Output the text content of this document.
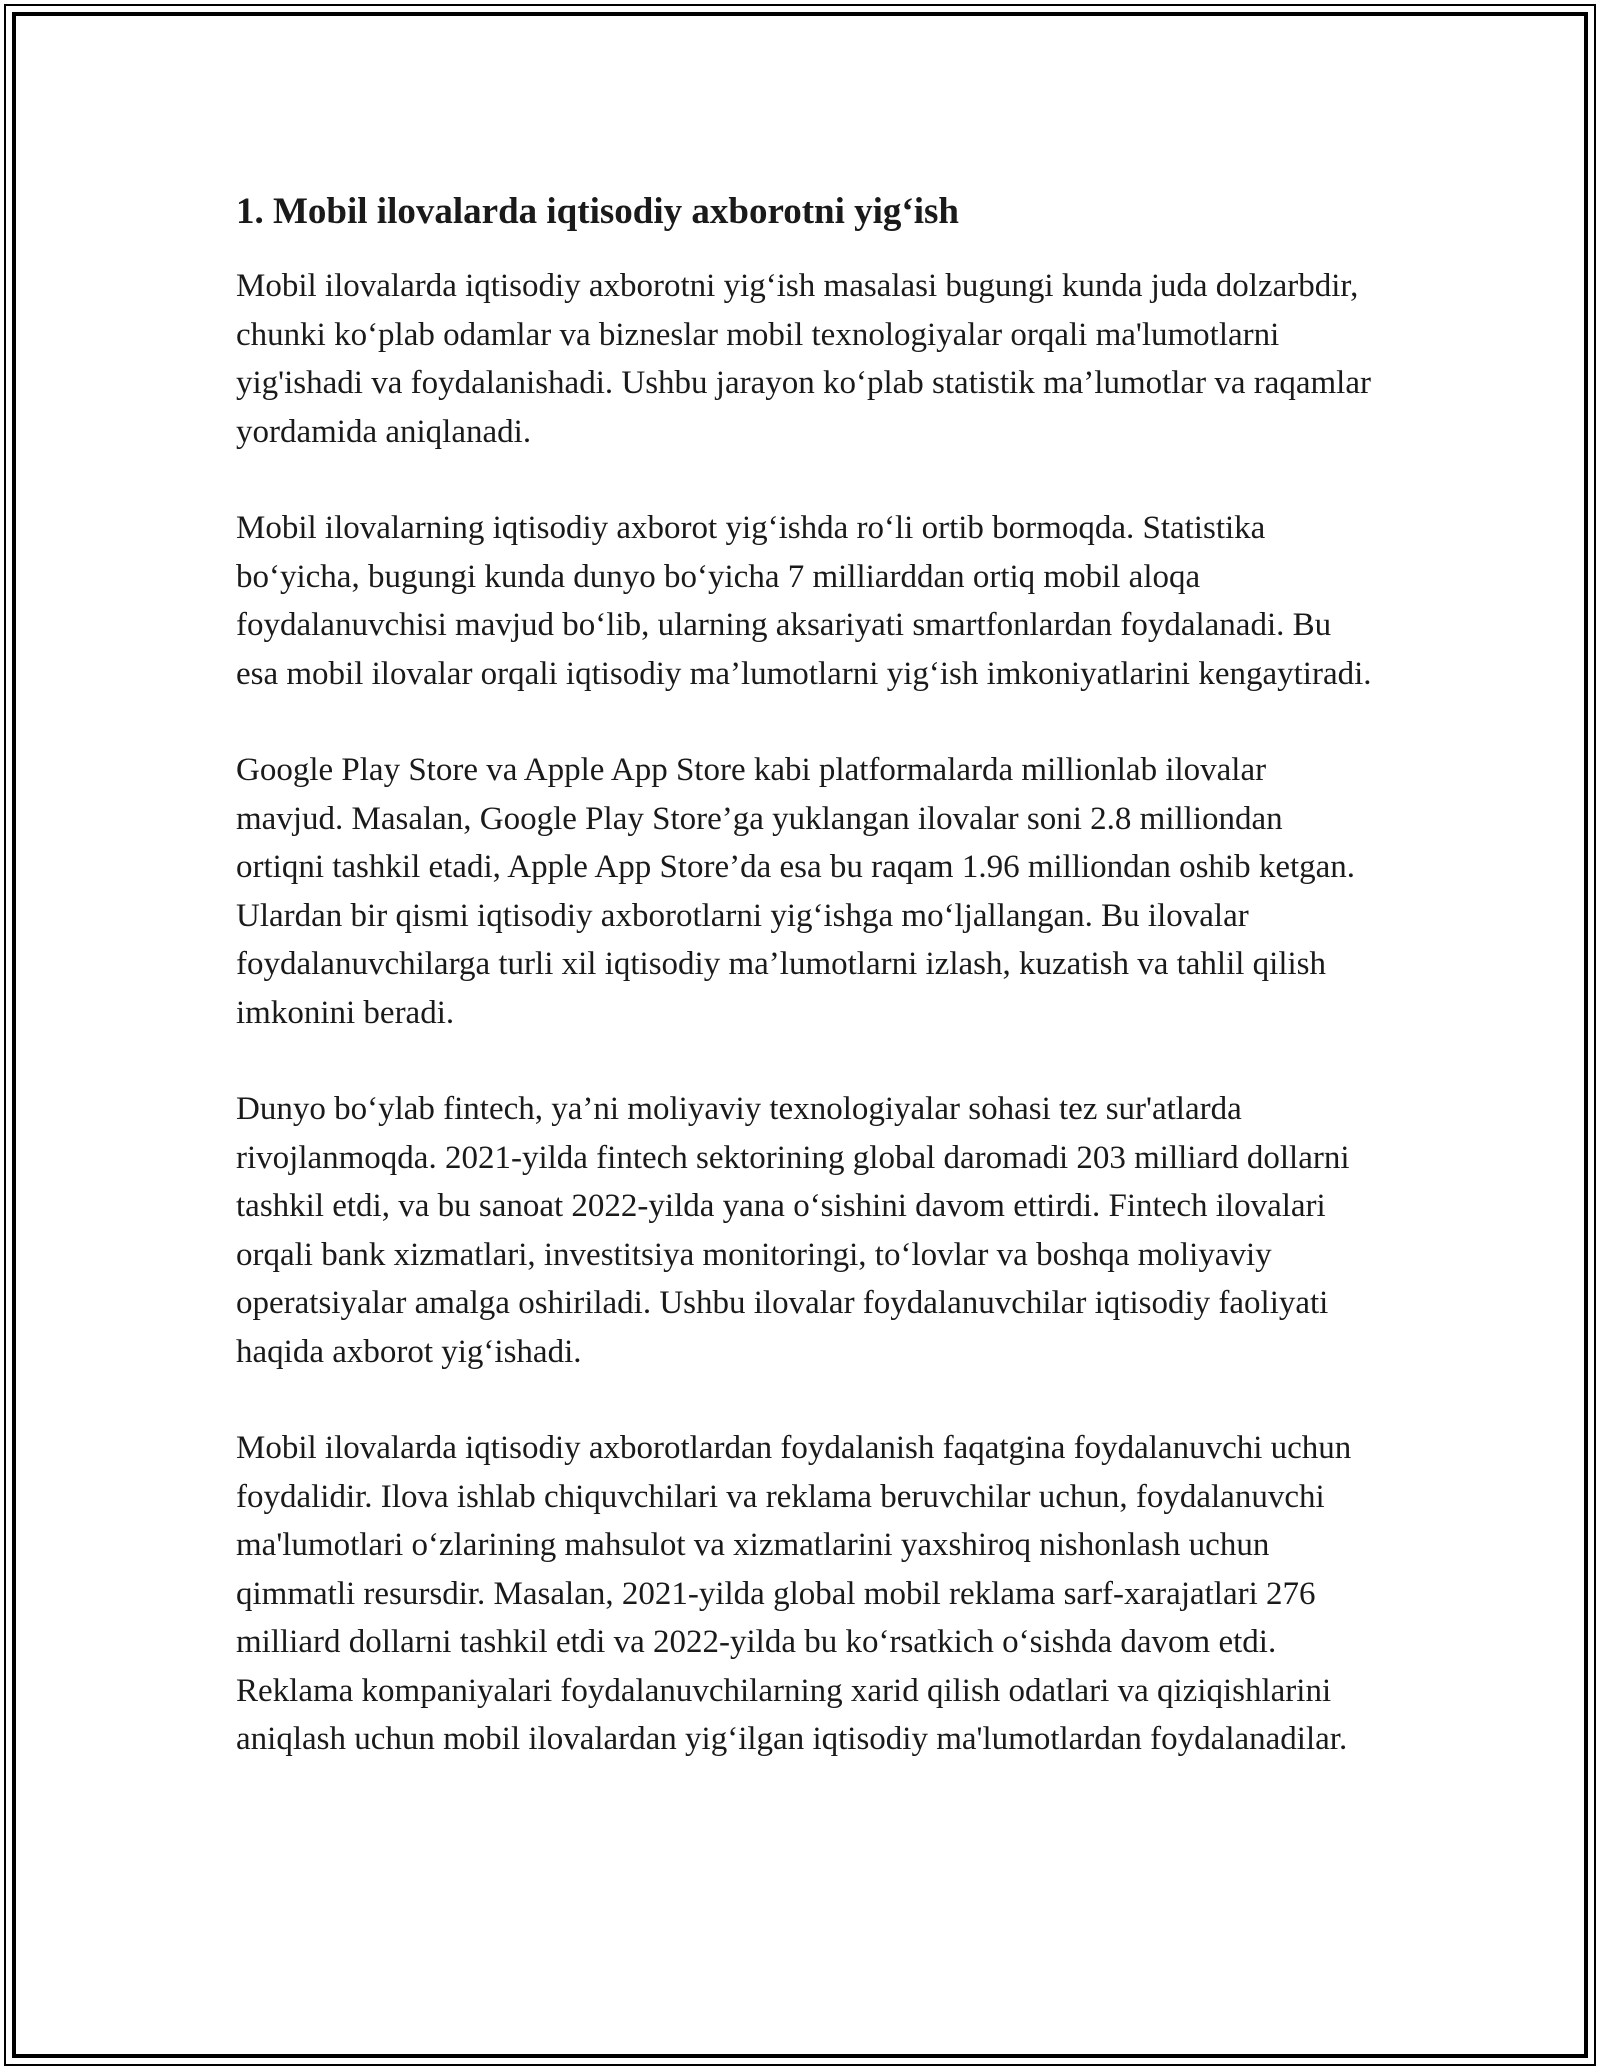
1. Mobil ilovalarda iqtisodiy axborotni yig‘ish

Mobil ilovalarda iqtisodiy axborotni yig‘ish masalasi bugungi kunda juda dolzarbdir, chunki ko‘plab odamlar va bizneslar mobil texnologiyalar orqali ma'lumotlarni yig'ishadi va foydalanishadi. Ushbu jarayon ko‘plab statistik ma’lumotlar va raqamlar yordamida aniqlanadi.

Mobil ilovalarning iqtisodiy axborot yig‘ishda ro‘li ortib bormoqda. Statistika bo‘yicha, bugungi kunda dunyo bo‘yicha 7 milliarddan ortiq mobil aloqa foydalanuvchisi mavjud bo‘lib, ularning aksariyati smartfonlardan foydalanadi. Bu esa mobil ilovalar orqali iqtisodiy ma’lumotlarni yig‘ish imkoniyatlarini kengaytiradi.

Google Play Store va Apple App Store kabi platformalarda millionlab ilovalar mavjud. Masalan, Google Play Store’ga yuklangan ilovalar soni 2.8 milliondan ortiqni tashkil etadi, Apple App Store’da esa bu raqam 1.96 milliondan oshib ketgan. Ulardan bir qismi iqtisodiy axborotlarni yig‘ishga mo‘ljallangan. Bu ilovalar foydalanuvchilarga turli xil iqtisodiy ma’lumotlarni izlash, kuzatish va tahlil qilish imkonini beradi.

Dunyo bo‘ylab fintech, ya’ni moliyaviy texnologiyalar sohasi tez sur'atlarda rivojlanmoqda. 2021-yilda fintech sektorining global daromadi 203 milliard dollarni tashkil etdi, va bu sanoat 2022-yilda yana o‘sishini davom ettirdi. Fintech ilovalari orqali bank xizmatlari, investitsiya monitoringi, to‘lovlar va boshqa moliyaviy operatsiyalar amalga oshiriladi. Ushbu ilovalar foydalanuvchilar iqtisodiy faoliyati haqida axborot yig‘ishadi.

Mobil ilovalarda iqtisodiy axborotlardan foydalanish faqatgina foydalanuvchi uchun foydalidir. Ilova ishlab chiquvchilari va reklama beruvchilar uchun, foydalanuvchi ma'lumotlari o‘zlarining mahsulot va xizmatlarini yaxshiroq nishonlash uchun qimmatli resursdir. Masalan, 2021-yilda global mobil reklama sarf-xarajatlari 276 milliard dollarni tashkil etdi va 2022-yilda bu ko‘rsatkich o‘sishda davom etdi. Reklama kompaniyalari foydalanuvchilarning xarid qilish odatlari va qiziqishlarini aniqlash uchun mobil ilovalardan yig‘ilgan iqtisodiy ma'lumotlardan foydalanadilar.
